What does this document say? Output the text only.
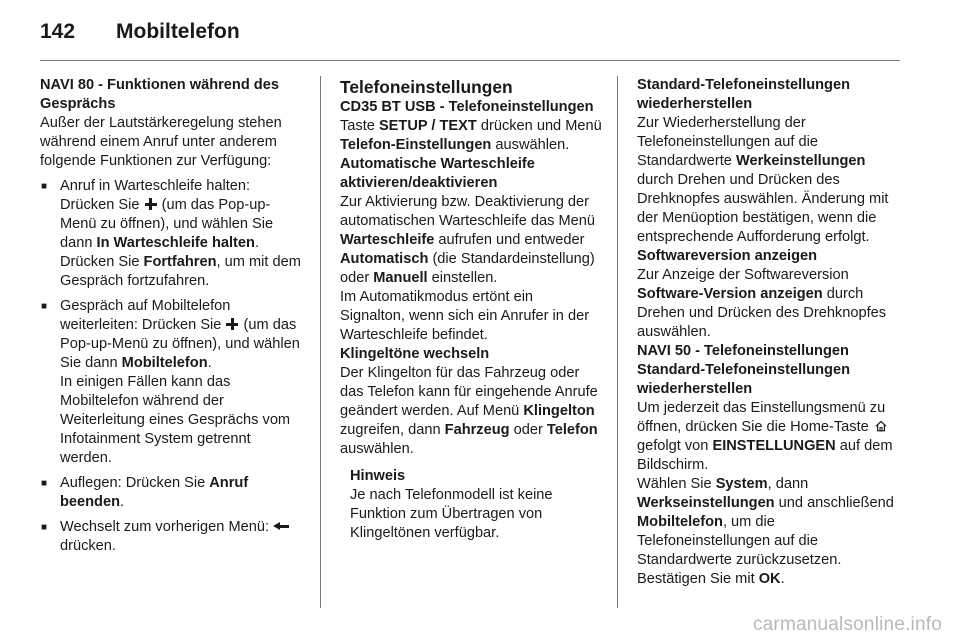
142	Mobiltelefon

NAVI 80 - Funktionen während des Gesprächs

Außer der Lautstärkeregelung stehen während einem Anruf unter anderem folgende Funktionen zur Verfügung:

■ Anruf in Warteschleife halten: Drücken Sie  (um das Pop-up-Menü zu öffnen), und wählen Sie dann In Warteschleife halten. Drücken Sie Fortfahren, um mit dem Gespräch fortzufahren.
■ Gespräch auf Mobiltelefon weiterleiten: Drücken Sie  (um das Pop-up-Menü zu öffnen), und wählen Sie dann Mobiltelefon.

In einigen Fällen kann das Mobiltelefon während der Weiterleitung eines Gesprächs vom Infotainment System getrennt werden.

■ Auflegen: Drücken Sie Anruf beenden.
■ Wechselt zum vorherigen Menü:  drücken.

Telefoneinstellungen

CD35 BT USB - Telefoneinstellungen

Taste SETUP / TEXT drücken und Menü Telefon-Einstellungen auswählen.

Automatische Warteschleife aktivieren/deaktivieren

Zur Aktivierung bzw. Deaktivierung der automatischen Warteschleife das Menü Warteschleife aufrufen und entweder Automatisch (die Standardeinstellung) oder Manuell einstellen.

Im Automatikmodus ertönt ein Signalton, wenn sich ein Anrufer in der Warteschleife befindet.

Klingeltöne wechseln

Der Klingelton für das Fahrzeug oder das Telefon kann für eingehende Anrufe geändert werden. Auf Menü Klingelton zugreifen, dann Fahrzeug oder Telefon auswählen.

Hinweis

Je nach Telefonmodell ist keine Funktion zum Übertragen von Klingeltönen verfügbar.

Standard-Telefoneinstellungen wiederherstellen

Zur Wiederherstellung der Telefoneinstellungen auf die Standardwerte Werkeinstellungen durch Drehen und Drücken des Drehknopfes auswählen. Änderung mit der Menüoption bestätigen, wenn die entsprechende Aufforderung erfolgt.

Softwareversion anzeigen

Zur Anzeige der Softwareversion Software-Version anzeigen durch Drehen und Drücken des Drehknopfes auswählen.

NAVI 50 - Telefoneinstellungen

Standard-Telefoneinstellungen wiederherstellen

Um jederzeit das Einstellungsmenü zu öffnen, drücken Sie die Home-Taste  gefolgt von EINSTELLUNGEN auf dem Bildschirm.

Wählen Sie System, dann Werkseinstellungen und anschließend Mobiltelefon, um die Telefoneinstellungen auf die Standardwerte zurückzusetzen. Bestätigen Sie mit OK.

carmanualsonline.info
